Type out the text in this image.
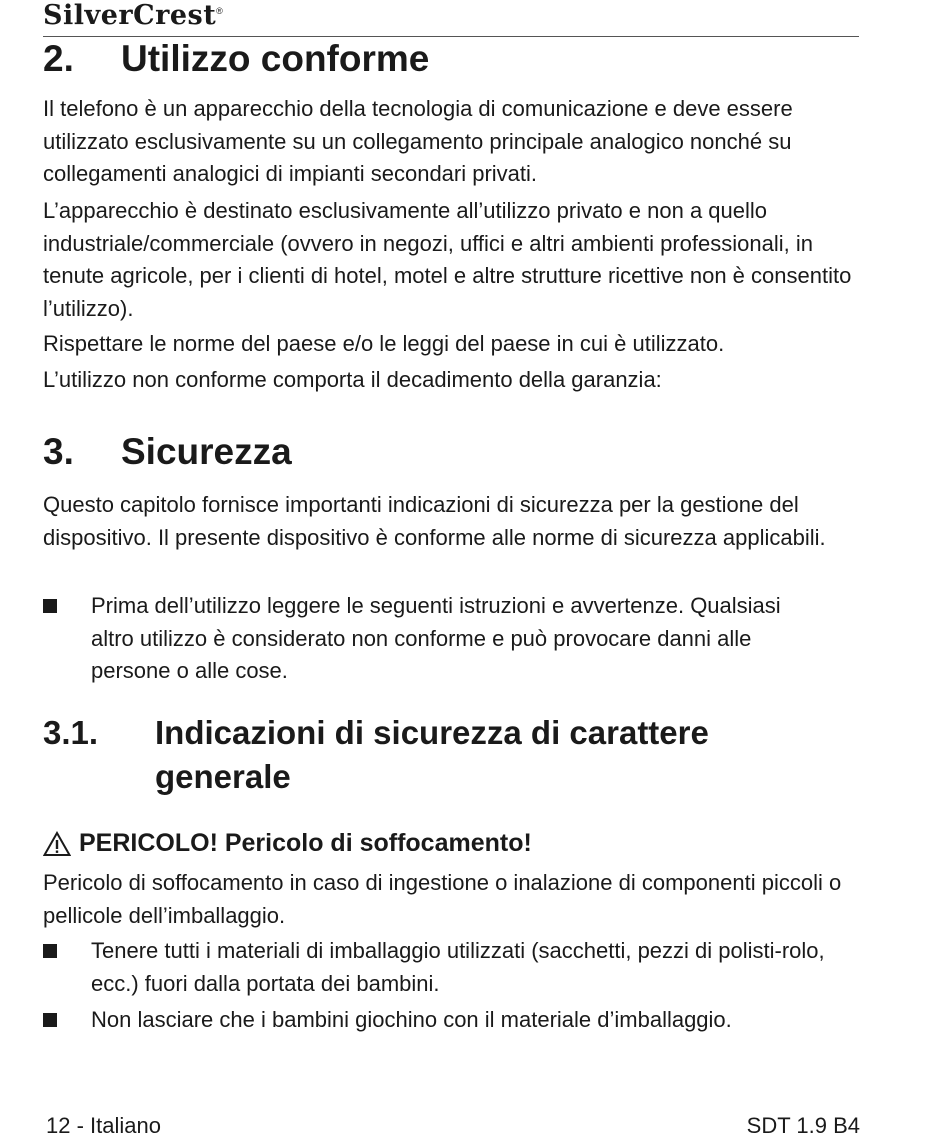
SilverCrest®
2.	Utilizzo conforme

Il telefono è un apparecchio della tecnologia di comunicazione e deve essere utilizzato esclusivamente su un collegamento principale analogico nonché su collegamenti analogici di impianti secondari privati.

L’apparecchio è destinato esclusivamente all’utilizzo privato e non a quello industriale/commerciale (ovvero in negozi, uffici e altri ambienti professionali, in tenute agricole, per i clienti di hotel, motel e altre strutture ricettive non è consentito l’utilizzo).

Rispettare le norme del paese e/o le leggi del paese in cui è utilizzato.

L’utilizzo non conforme comporta il decadimento della garanzia:

3.	Sicurezza

Questo capitolo fornisce importanti indicazioni di sicurezza per la gestione del dispositivo. Il presente dispositivo è conforme alle norme di sicurezza applicabili.

Prima dell’utilizzo leggere le seguenti istruzioni e avvertenze. Qualsiasi altro utilizzo è considerato non conforme e può provocare danni alle persone o alle cose.
3.1.	Indicazioni di sicurezza di carattere
generale
PERICOLO! Pericolo di soffocamento!

Pericolo di soffocamento in caso di ingestione o inalazione di componenti piccoli o pellicole dell’imballaggio.

Tenere tutti i materiali di imballaggio utilizzati (sacchetti, pezzi di polisti-rolo, ecc.) fuori dalla portata dei bambini.
Non lasciare che i bambini giochino con il materiale d’imballaggio.
12 - Italiano	SDT 1.9 B4
